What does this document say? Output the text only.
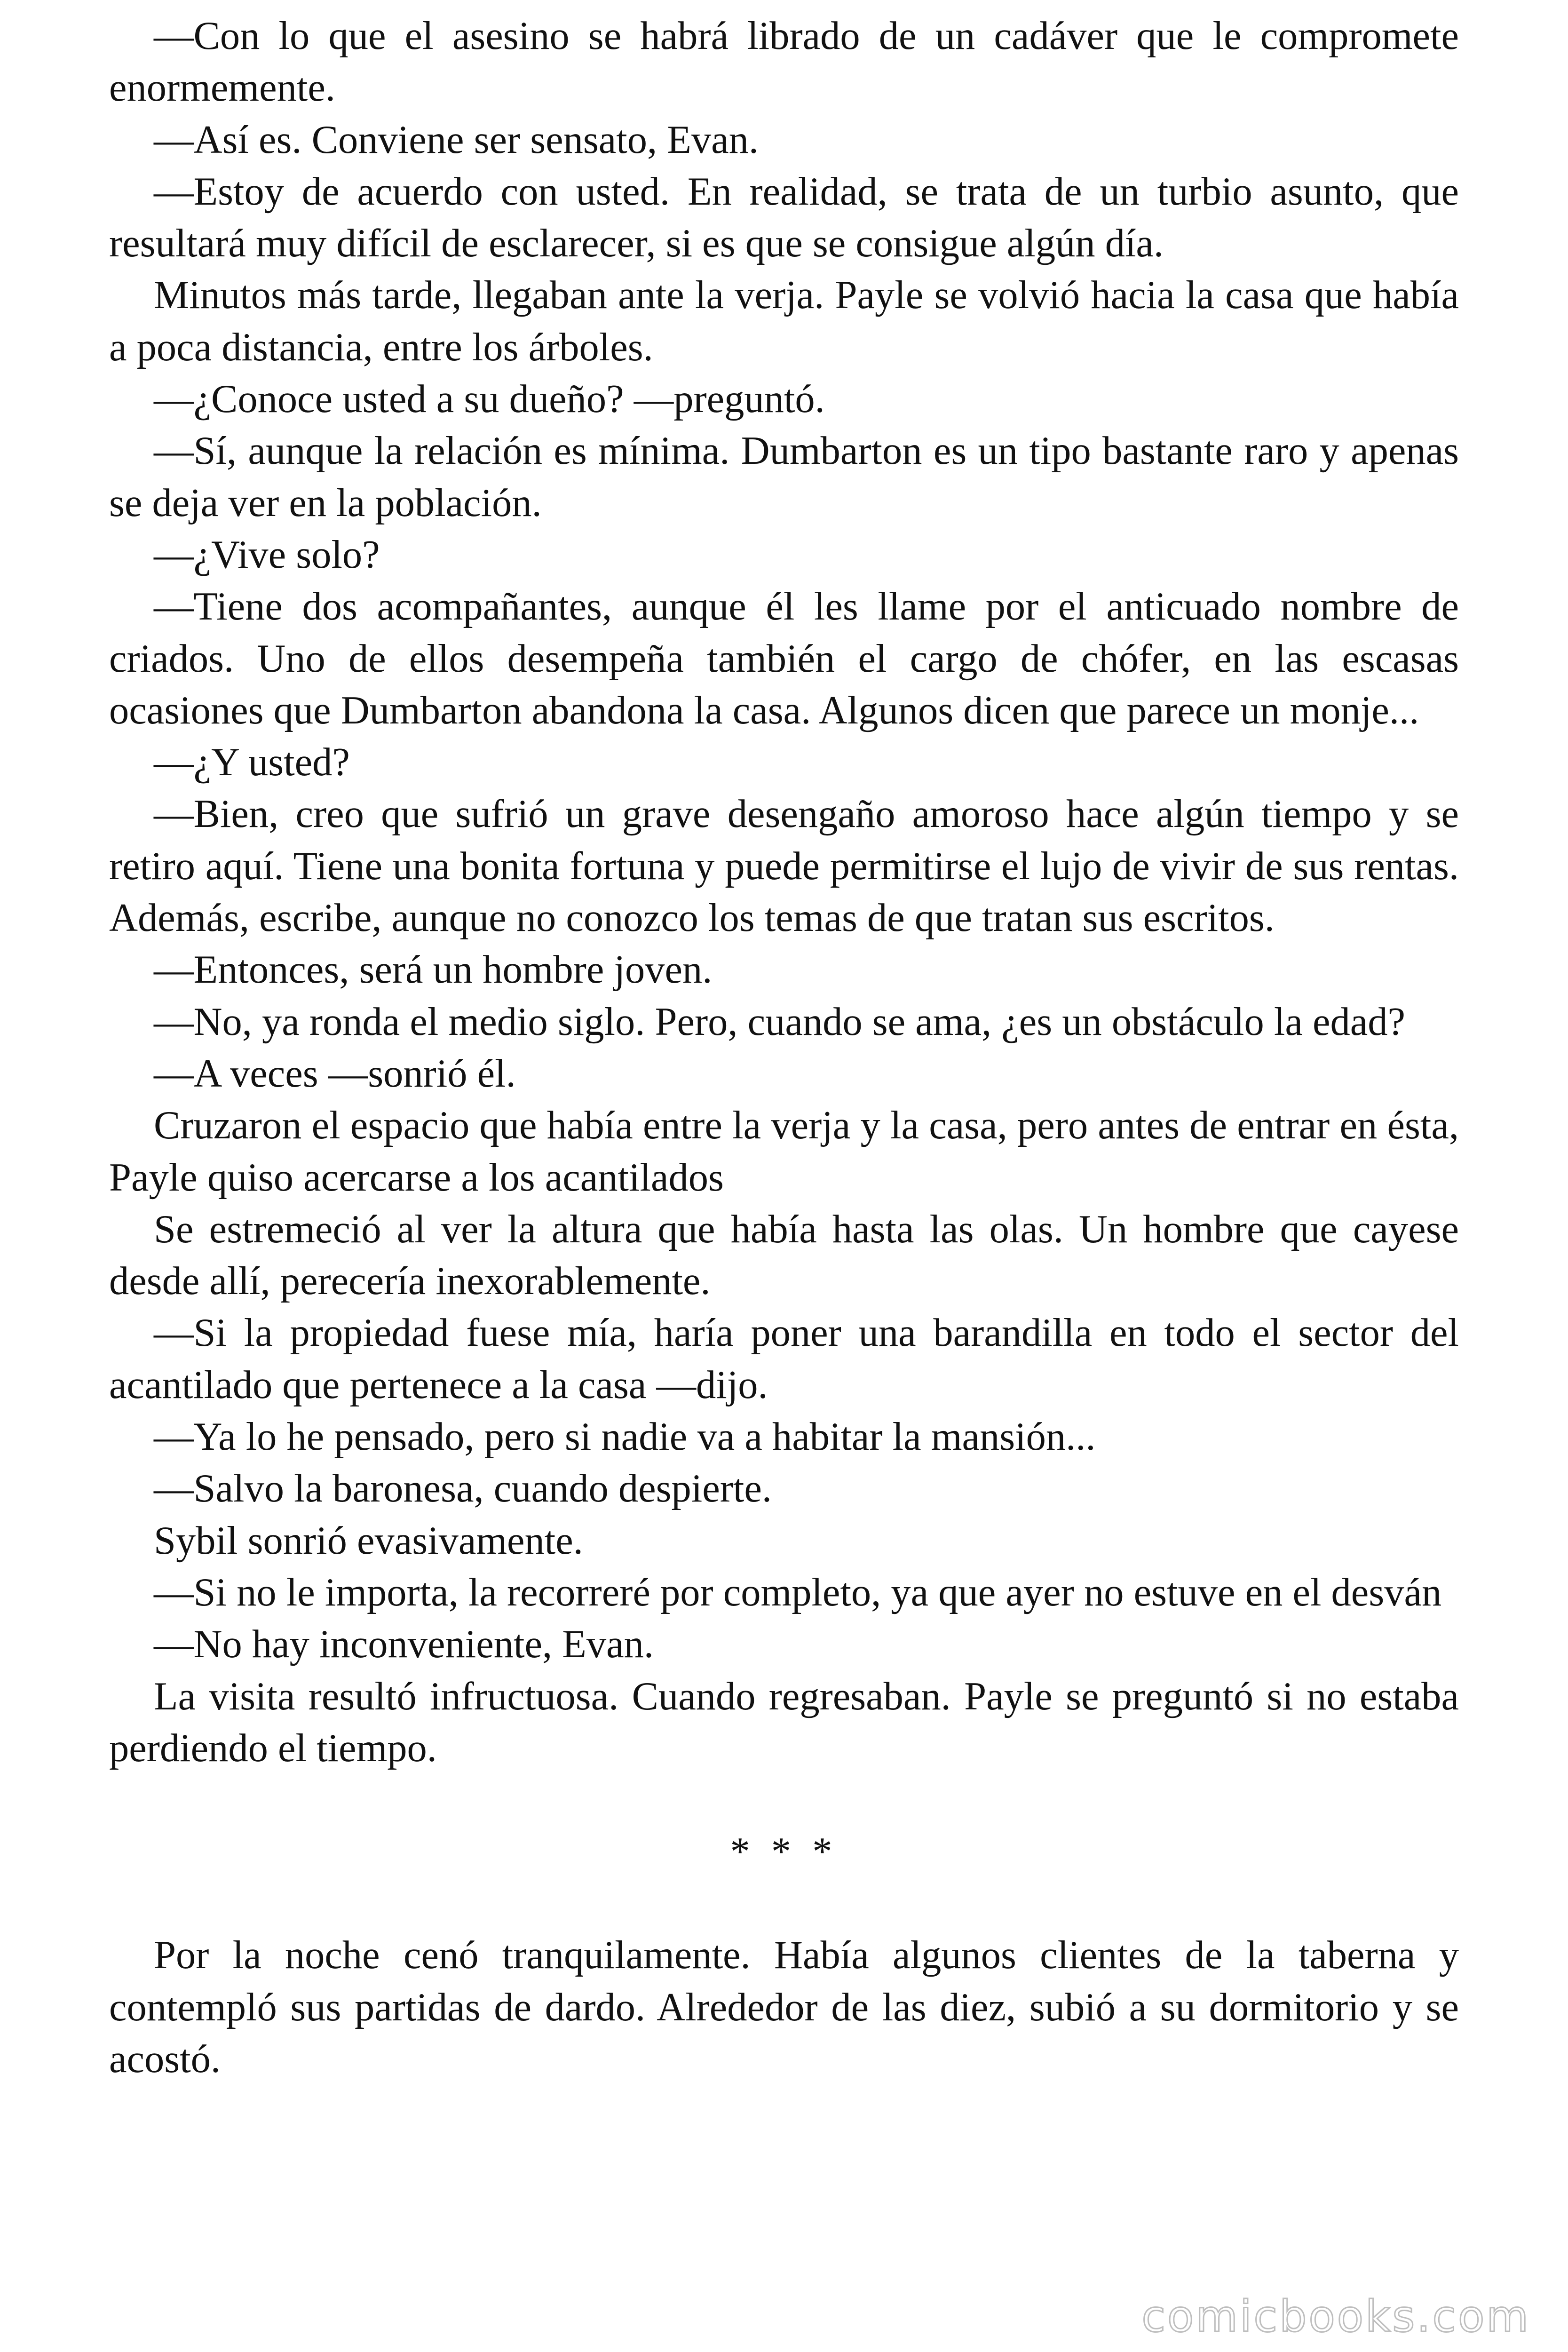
—Con lo que el asesino se habrá librado de un cadáver que le compromete enormemente.

—Así es. Conviene ser sensato, Evan.

—Estoy de acuerdo con usted. En realidad, se trata de un turbio asunto, que resultará muy difícil de esclarecer, si es que se consigue algún día.

Minutos más tarde, llegaban ante la verja. Payle se volvió hacia la casa que había a poca distancia, entre los árboles.

—¿Conoce usted a su dueño? —preguntó.

—Sí, aunque la relación es mínima. Dumbarton es un tipo bastante raro y apenas se deja ver en la población.

—¿Vive solo?

—Tiene dos acompañantes, aunque él les llame por el anticuado nombre de criados. Uno de ellos desempeña también el cargo de chófer, en las escasas ocasiones que Dumbarton abandona la casa. Algunos dicen que parece un monje...

—¿Y usted?

—Bien, creo que sufrió un grave desengaño amoroso hace algún tiempo y se retiro aquí. Tiene una bonita fortuna y puede permitirse el lujo de vivir de sus rentas. Además, escribe, aunque no conozco los temas de que tratan sus escritos.

—Entonces, será un hombre joven.

—No, ya ronda el medio siglo. Pero, cuando se ama, ¿es un obstáculo la edad?

—A veces —sonrió él.

Cruzaron el espacio que había entre la verja y la casa, pero antes de entrar en ésta, Payle quiso acercarse a los acantilados

Se estremeció al ver la altura que había hasta las olas. Un hombre que cayese desde allí, perecería inexorablemente.

—Si la propiedad fuese mía, haría poner una barandilla en todo el sector del acantilado que pertenece a la casa —dijo.

—Ya lo he pensado, pero si nadie va a habitar la mansión...

—Salvo la baronesa, cuando despierte.

Sybil sonrió evasivamente.

—Si no le importa, la recorreré por completo, ya que ayer no estuve en el desván

—No hay inconveniente, Evan.

La visita resultó infructuosa. Cuando regresaban. Payle se preguntó si no estaba perdiendo el tiempo.

* * *

Por la noche cenó tranquilamente. Había algunos clientes de la taberna y contempló sus partidas de dardo. Alrededor de las diez, subió a su dormitorio y se acostó.

comicbooks.com
